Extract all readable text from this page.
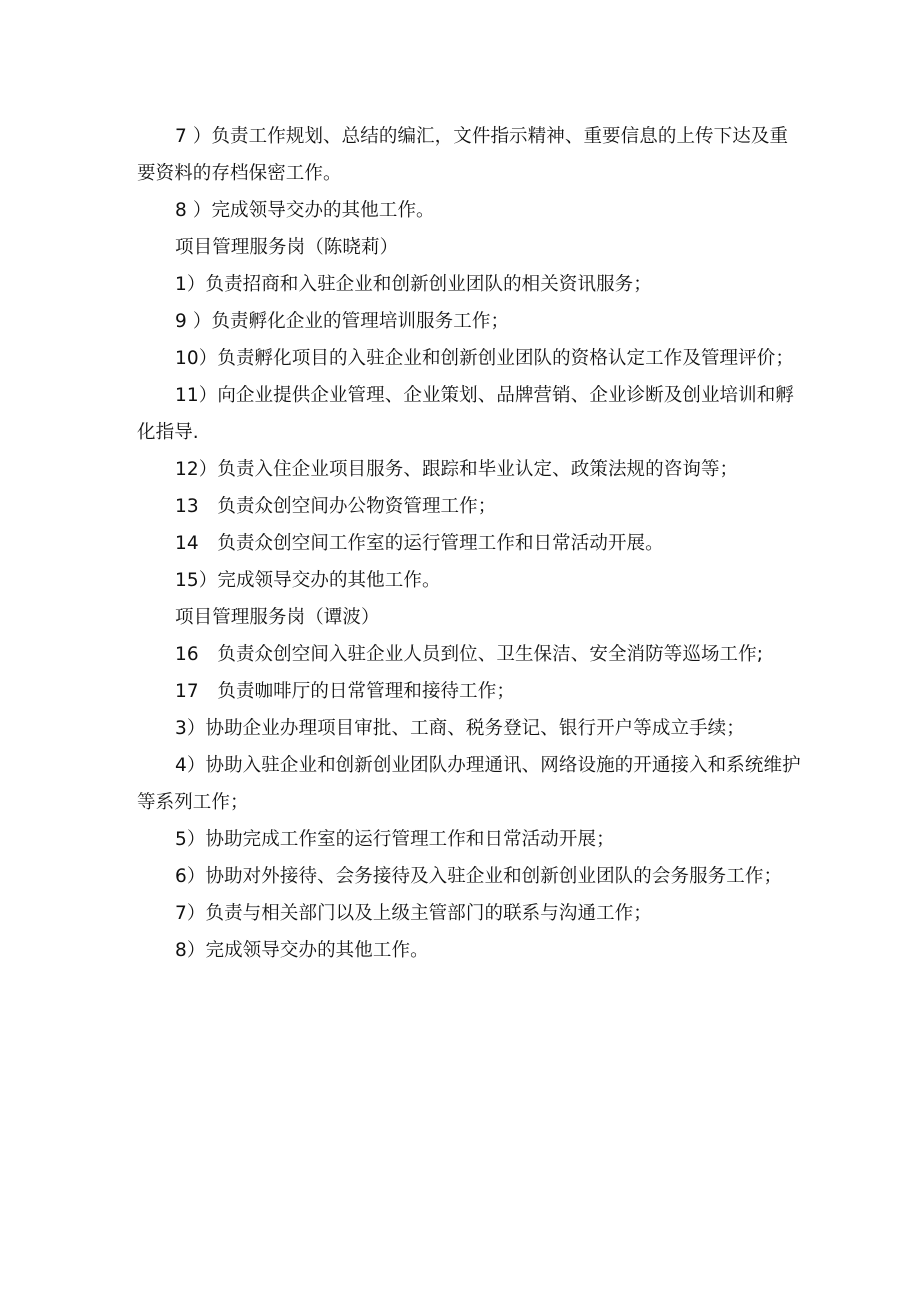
7 ）负责工作规划、总结的编汇，文件指示精神、重要信息的上传下达及重要资料的存档保密工作。

8 ）完成领导交办的其他工作。

项目管理服务岗（陈晓莉）

1）负责招商和入驻企业和创新创业团队的相关资讯服务；

9 ）负责孵化企业的管理培训服务工作；

10）负责孵化项目的入驻企业和创新创业团队的资格认定工作及管理评价；

11）向企业提供企业管理、企业策划、品牌营销、企业诊断及创业培训和孵化指导.

12）负责入住企业项目服务、跟踪和毕业认定、政策法规的咨询等；

13　负责众创空间办公物资管理工作；

14　负责众创空间工作室的运行管理工作和日常活动开展。

15）完成领导交办的其他工作。

项目管理服务岗（谭波）

16　负责众创空间入驻企业人员到位、卫生保洁、安全消防等巡场工作;

17　负责咖啡厅的日常管理和接待工作；

3）协助企业办理项目审批、工商、税务登记、银行开户等成立手续；

4）协助入驻企业和创新创业团队办理通讯、网络设施的开通接入和系统维护等系列工作；

5）协助完成工作室的运行管理工作和日常活动开展；

6）协助对外接待、会务接待及入驻企业和创新创业团队的会务服务工作；

7）负责与相关部门以及上级主管部门的联系与沟通工作；

8）完成领导交办的其他工作。
